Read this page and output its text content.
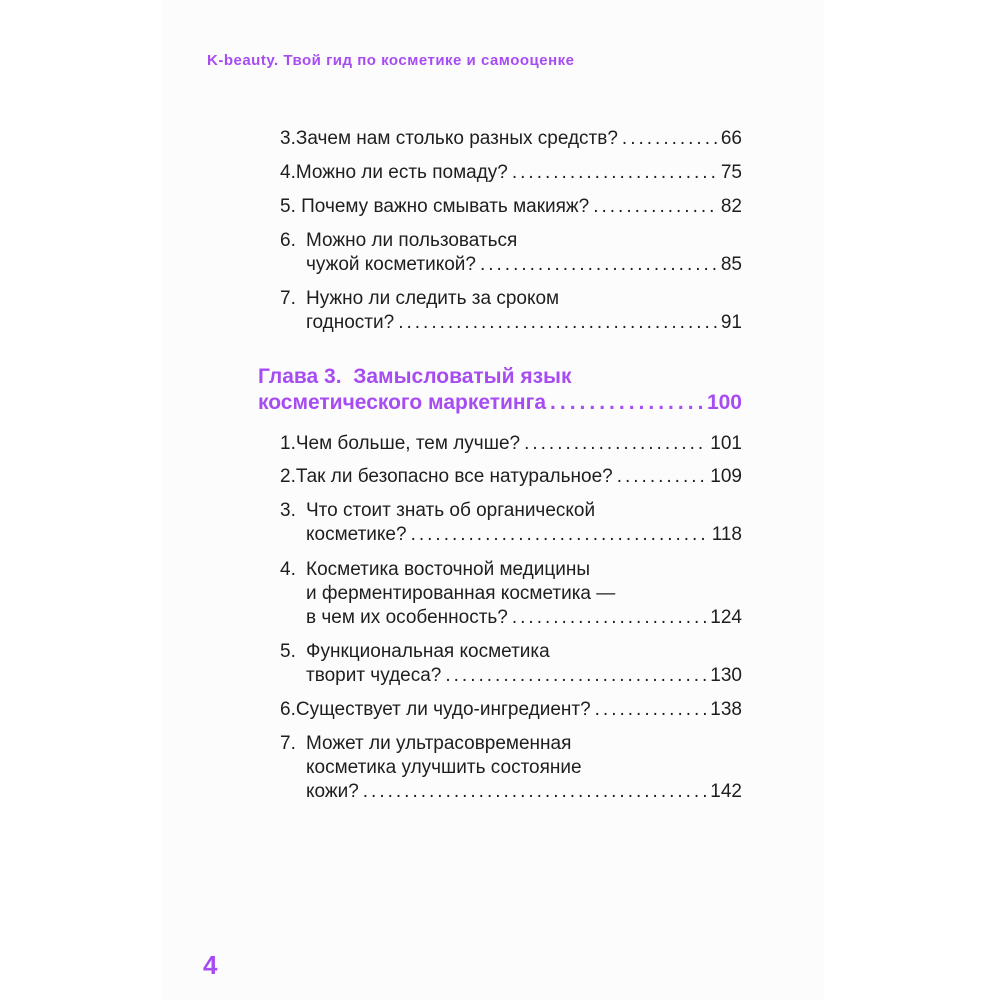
K-beauty. Твой гид по косметике и самооценке
3. Зачем нам столько разных средств? .....	66
4. Можно ли есть помаду? .....	75
5. Почему важно смывать макияж? .....	82
6. Можно ли пользоваться
чужой косметикой? .....	85
7. Нужно ли следить за сроком
годности? .....	91
Глава 3.  Замысловатый язык
косметического маркетинга .....	100
1. Чем больше, тем лучше? .....	101
2. Так ли безопасно все натуральное? .....	109
3. Что стоит знать об органической
косметике? .....	118
4. Косметика восточной медицины
и ферментированная косметика —
в чем их особенность? .....	124
5. Функциональная косметика
творит чудеса? .....	130
6. Существует ли чудо-ингредиент? .....	138
7. Может ли ультрасовременная
косметика улучшить состояние
кожи? .....	142
4
